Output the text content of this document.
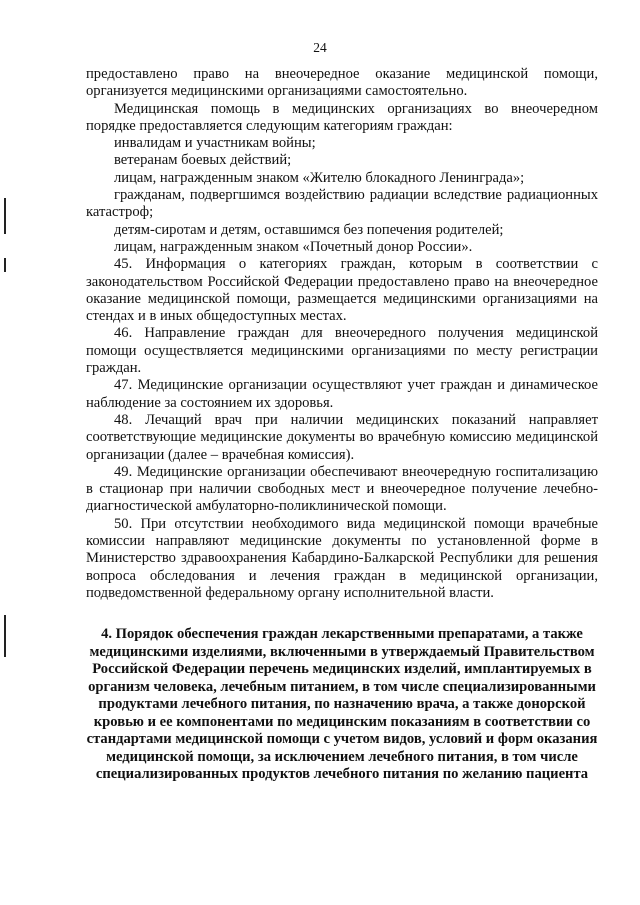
24

предоставлено право на внеочередное оказание медицинской помощи, организуется медицинскими организациями самостоятельно.

Медицинская помощь в медицинских организациях во внеочередном порядке предоставляется следующим категориям граждан:

инвалидам и участникам войны;

ветеранам боевых действий;

лицам, награжденным знаком «Жителю блокадного Ленинграда»;

гражданам, подвергшимся воздействию радиации вследствие радиационных катастроф;

детям-сиротам и детям, оставшимся без попечения родителей;

лицам, награжденным знаком «Почетный донор России».

45. Информация о категориях граждан, которым в соответствии с законодательством Российской Федерации предоставлено право на внеочередное оказание медицинской помощи, размещается медицинскими организациями на стендах и в иных общедоступных местах.

46. Направление граждан для внеочередного получения медицинской помощи осуществляется медицинскими организациями по месту регистрации граждан.

47. Медицинские организации осуществляют учет граждан и динамическое наблюдение за состоянием их здоровья.

48. Лечащий врач при наличии медицинских показаний направляет соответствующие медицинские документы во врачебную комиссию медицинской организации (далее – врачебная комиссия).

49. Медицинские организации обеспечивают внеочередную госпитализацию в стационар при наличии свободных мест и внеочередное получение лечебно-диагностической амбулаторно-поликлинической помощи.

50. При отсутствии необходимого вида медицинской помощи врачебные комиссии направляют медицинские документы по установленной форме в Министерство здравоохранения Кабардино-Балкарской Республики для решения вопроса обследования и лечения граждан в медицинской организации, подведомственной федеральному органу исполнительной власти.

4. Порядок обеспечения граждан лекарственными препаратами, а также медицинскими изделиями, включенными в утверждаемый Правительством Российской Федерации перечень медицинских изделий, имплантируемых в организм человека, лечебным питанием, в том числе специализированными продуктами лечебного питания, по назначению врача, а также донорской кровью и ее компонентами по медицинским показаниям в соответствии со стандартами медицинской помощи с учетом видов, условий и форм оказания медицинской помощи, за исключением лечебного питания, в том числе специализированных продуктов лечебного питания по желанию пациента
